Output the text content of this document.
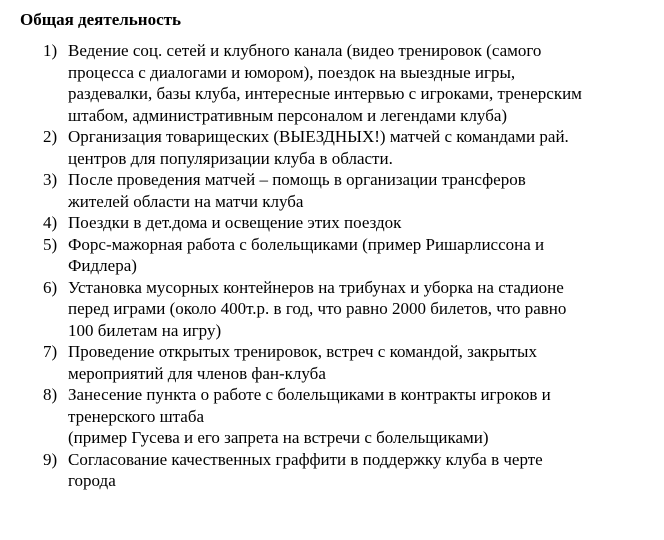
Общая деятельность
1) Ведение соц. сетей и клубного канала (видео тренировок (самого
процесса с диалогами и юмором), поездок на выездные игры,
раздевалки, базы клуба, интересные интервью с игроками, тренерским
штабом, административным персоналом и легендами клуба)
2) Организация товарищеских (ВЫЕЗДНЫХ!) матчей с командами рай.
центров для популяризации клуба в области.
3) После проведения матчей – помощь в организации трансферов
жителей области на матчи клуба
4) Поездки в дет.дома и освещение этих поездок
5) Форс-мажорная работа с болельщиками (пример Ришарлиссона и
Фидлера)
6) Установка мусорных контейнеров на трибунах и уборка на стадионе
перед играми (около 400т.р. в год, что равно 2000 билетов, что равно
100 билетам на игру)
7) Проведение открытых тренировок, встреч с командой, закрытых
мероприятий для членов фан-клуба
8) Занесение пункта о работе с болельщиками в контракты игроков и
тренерского штаба
(пример Гусева и его запрета на встречи с болельщиками)
9) Согласование качественных граффити в поддержку клуба в черте
города
